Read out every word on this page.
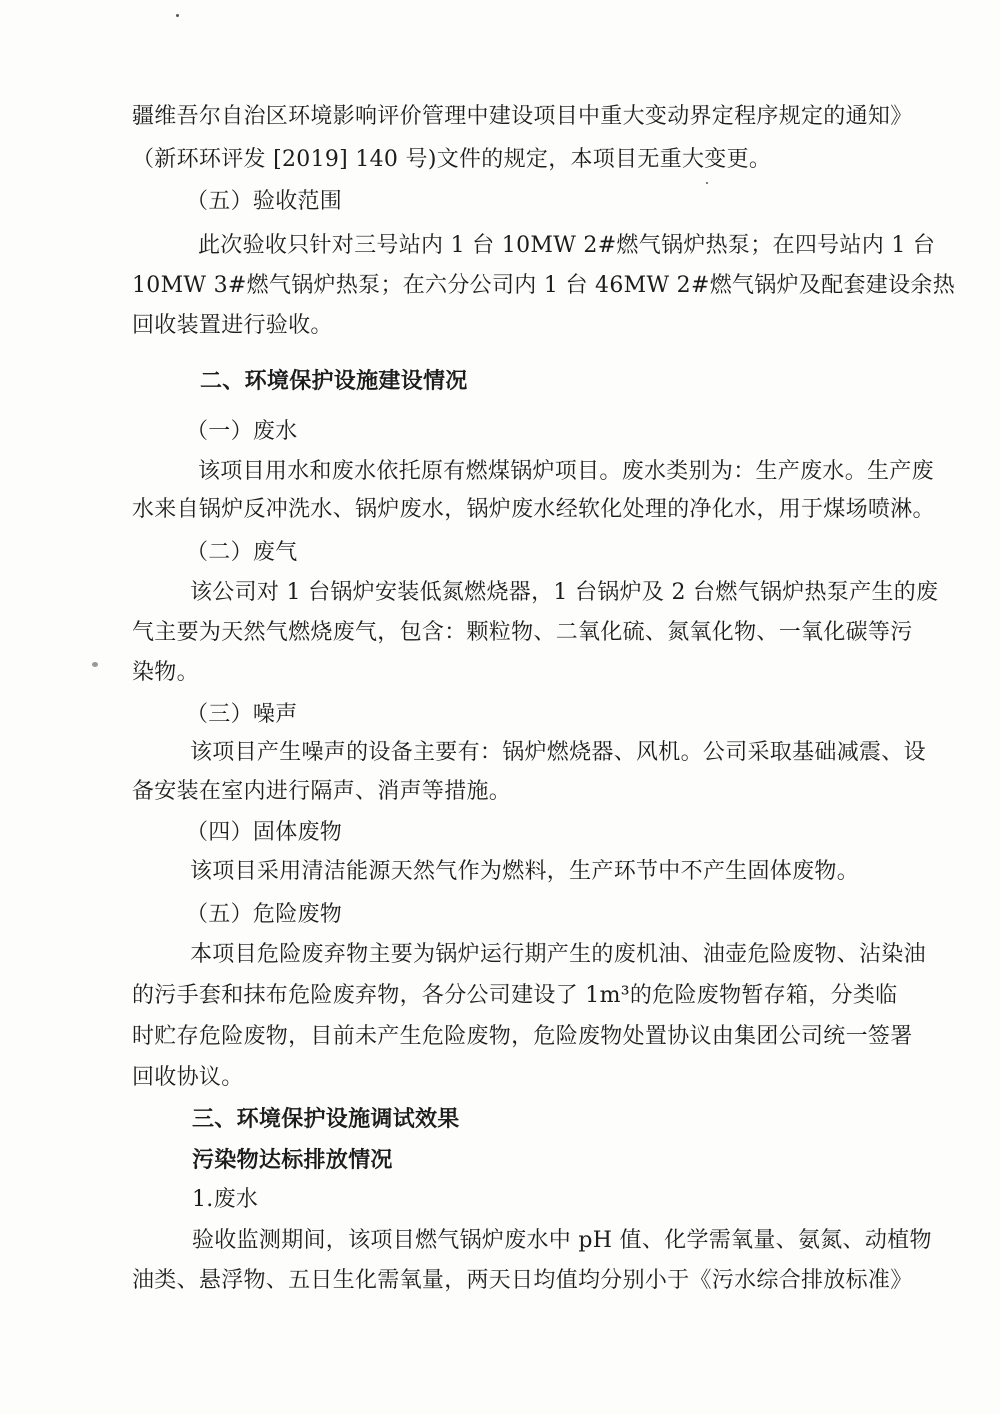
疆维吾尔自治区环境影响评价管理中建设项目中重大变动界定程序规定的通知》
（新环环评发 [2019] 140 号)文件的规定，本项目无重大变更。
（五）验收范围
此次验收只针对三号站内 1 台 10MW 2#燃气锅炉热泵；在四号站内 1 台
10MW 3#燃气锅炉热泵；在六分公司内 1 台 46MW 2#燃气锅炉及配套建设余热
回收装置进行验收。
二、环境保护设施建设情况
（一）废水
该项目用水和废水依托原有燃煤锅炉项目。废水类别为：生产废水。生产废
水来自锅炉反冲洗水、锅炉废水，锅炉废水经软化处理的净化水，用于煤场喷淋。
（二）废气
该公司对 1 台锅炉安装低氮燃烧器，1 台锅炉及 2 台燃气锅炉热泵产生的废
气主要为天然气燃烧废气，包含：颗粒物、二氧化硫、氮氧化物、一氧化碳等污
染物。
（三）噪声
该项目产生噪声的设备主要有：锅炉燃烧器、风机。公司采取基础减震、设
备安装在室内进行隔声、消声等措施。
（四）固体废物
该项目采用清洁能源天然气作为燃料，生产环节中不产生固体废物。
（五）危险废物
本项目危险废弃物主要为锅炉运行期产生的废机油、油壶危险废物、沾染油
的污手套和抹布危险废弃物，各分公司建设了 1m³的危险废物暂存箱，分类临
时贮存危险废物，目前未产生危险废物，危险废物处置协议由集团公司统一签署
回收协议。
三、环境保护设施调试效果
污染物达标排放情况
1.废水
验收监测期间，该项目燃气锅炉废水中 pH 值、化学需氧量、氨氮、动植物
油类、悬浮物、五日生化需氧量，两天日均值均分别小于《污水综合排放标准》
